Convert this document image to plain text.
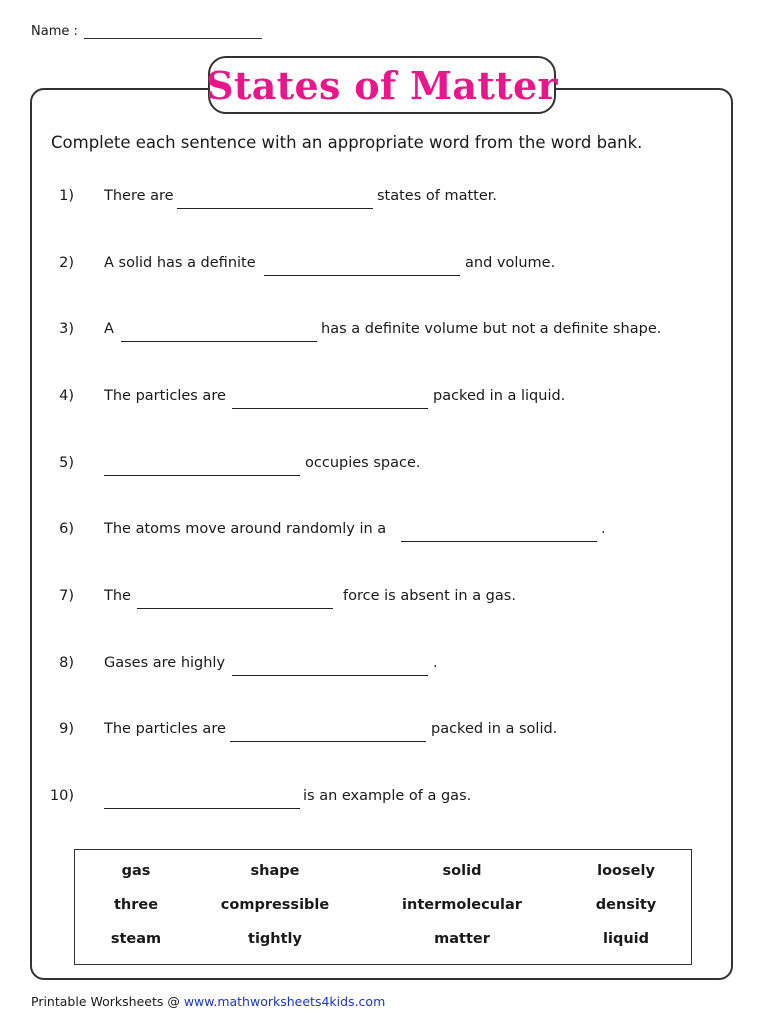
Name :
States of Matter
Complete each sentence with an appropriate word from the word bank.
1) There are	states of matter.
2) A solid has a definite	and volume.
3) A	has a definite volume but not a definite shape.
4) The particles are	packed in a liquid.
5)	occupies space.
6) The atoms move around randomly in a	.
7) The	force is absent in a gas.
8) Gases are highly	.
9) The particles are	packed in a solid.
10)	is an example of a gas.
gas	shape	solid	loosely
three	compressible	intermolecular	density
steam	tightly	matter	liquid
Printable Worksheets @ www.mathworksheets4kids.com
